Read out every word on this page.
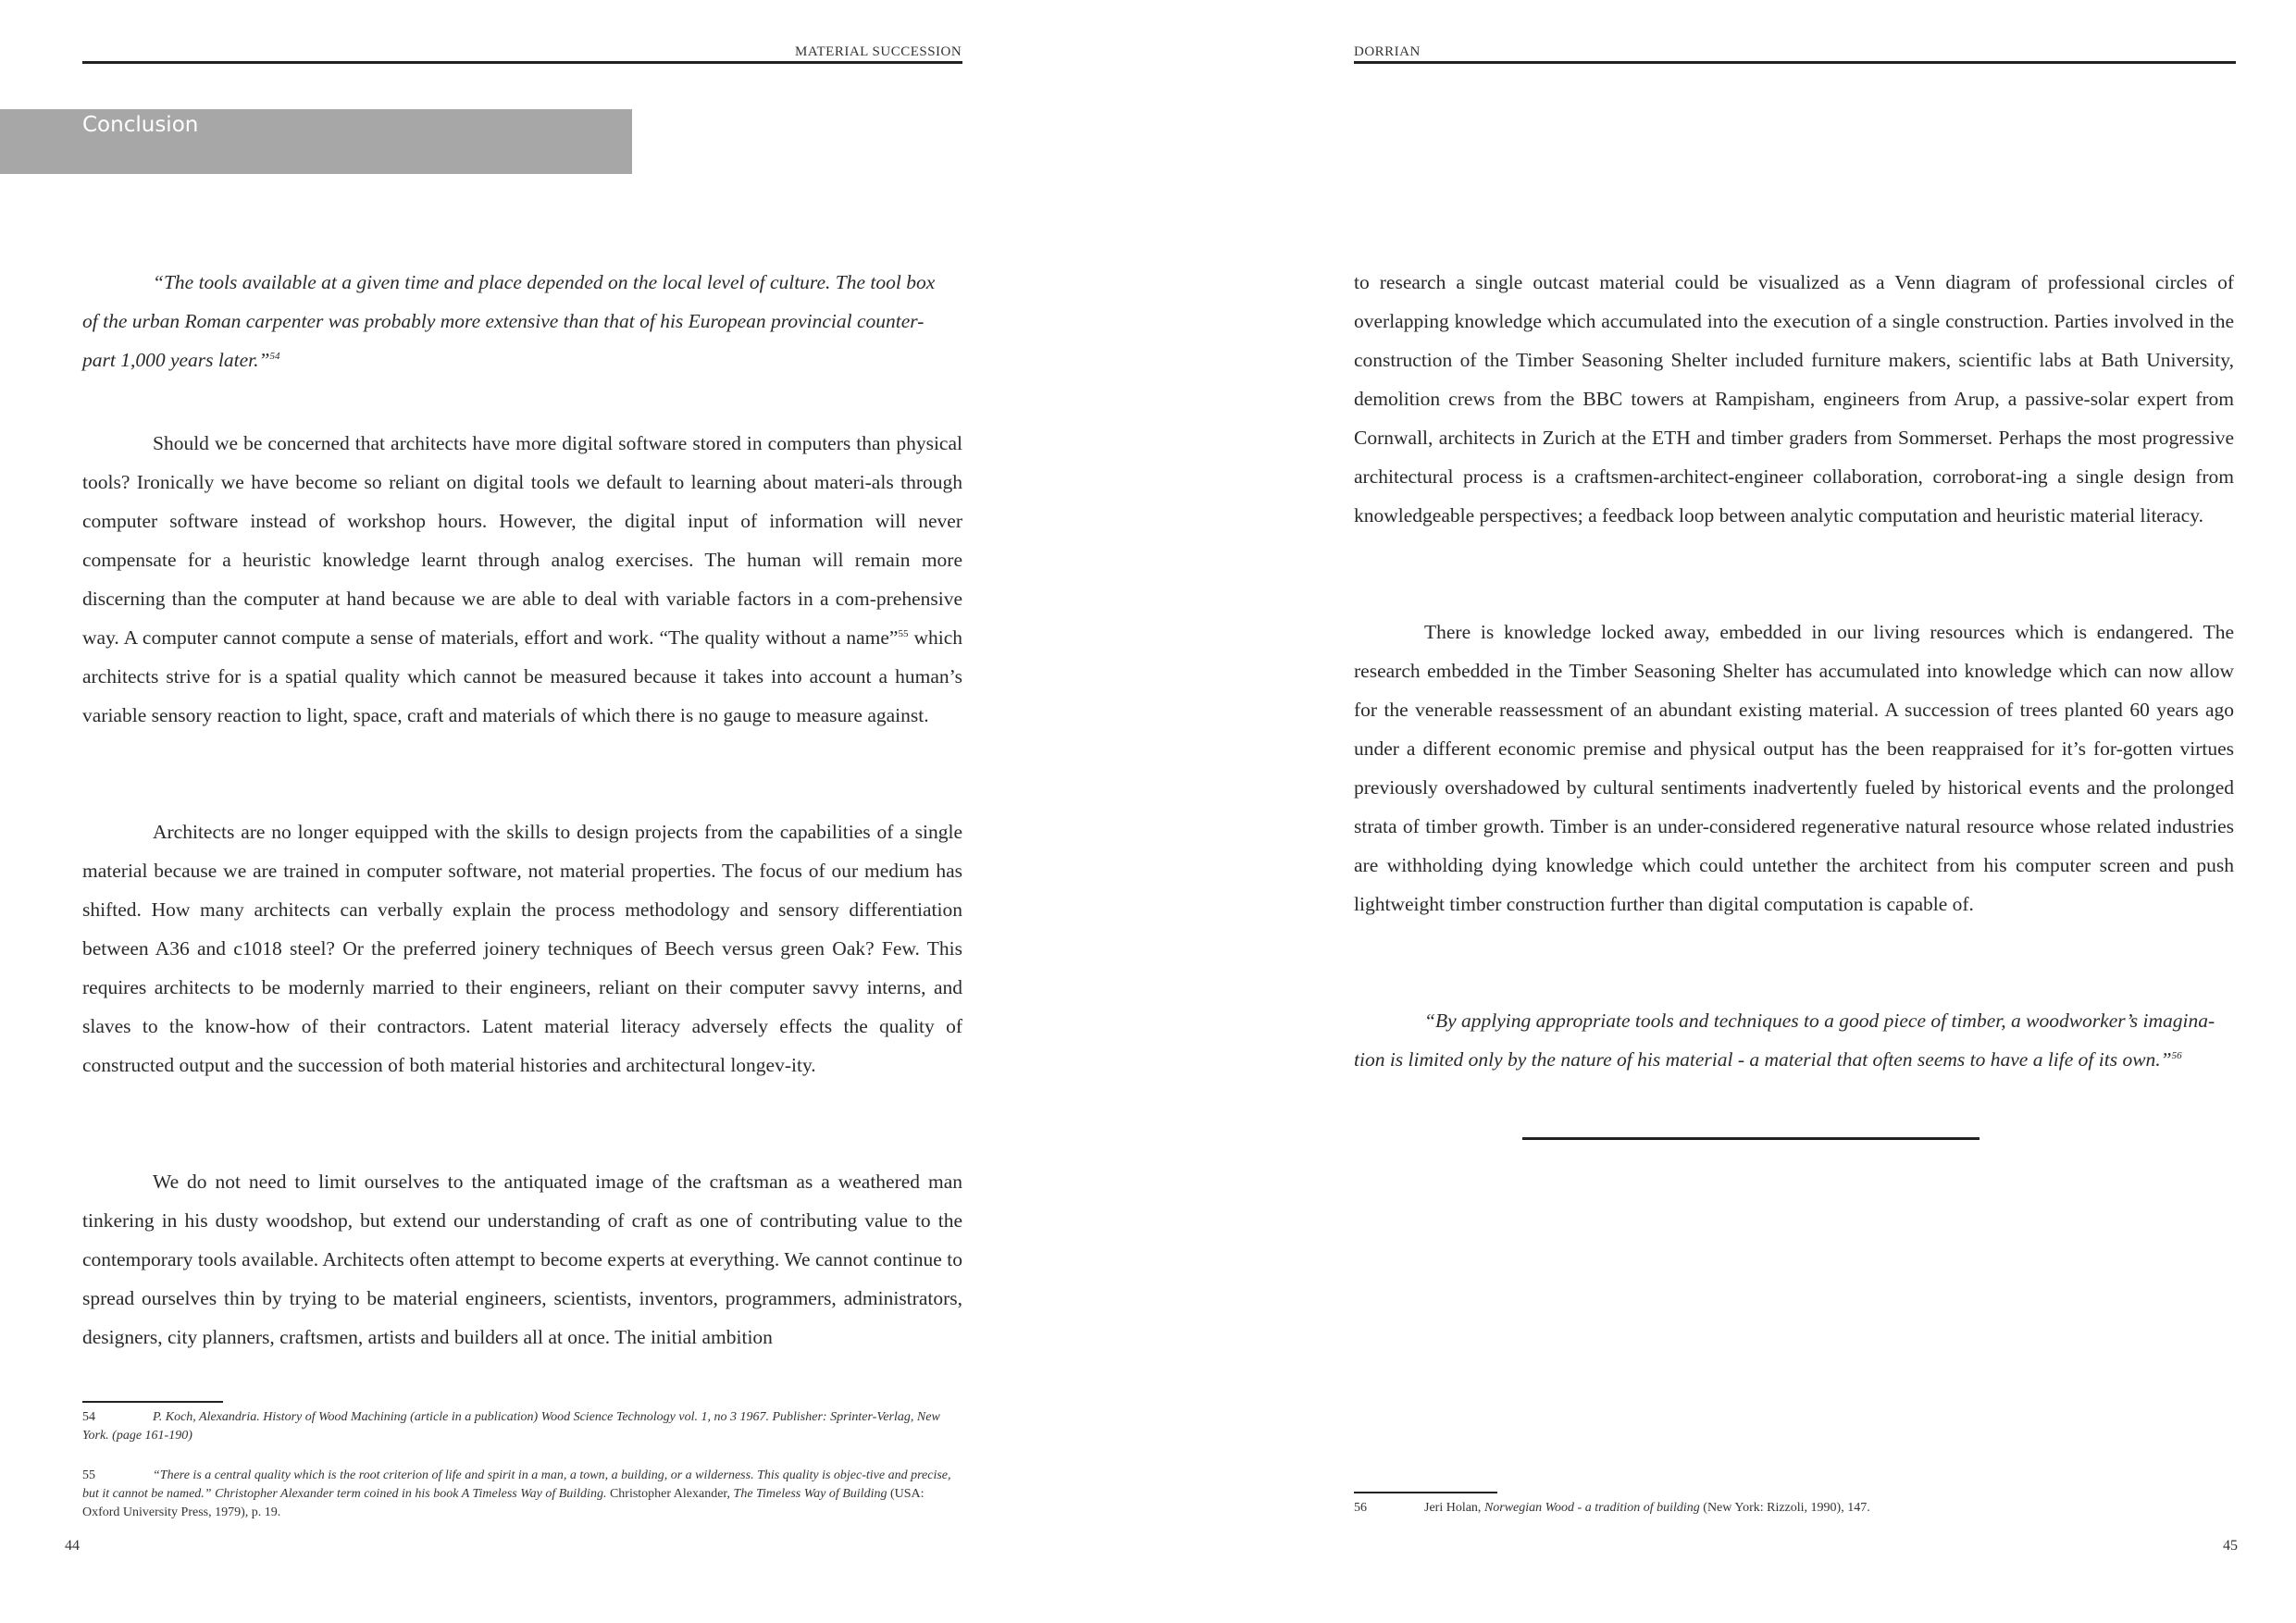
MATERIAL SUCCESSION
Conclusion
“The tools available at a given time and place depended on the local level of culture. The tool box
of the urban Roman carpenter was probably more extensive than that of his European provincial counter-
part 1,000 years later.”$^{54}$

Should we be concerned that architects have more digital software stored in computers than physical tools? Ironically we have become so reliant on digital tools we default to learning about materi-als through computer software instead of workshop hours. However, the digital input of information will never compensate for a heuristic knowledge learnt through analog exercises. The human will remain more discerning than the computer at hand because we are able to deal with variable factors in a com-prehensive way. A computer cannot compute a sense of materials, effort and work. “The quality without a name”$^{55}$ which architects strive for is a spatial quality which cannot be measured because it takes into account a human’s variable sensory reaction to light, space, craft and materials of which there is no gauge to measure against.

Architects are no longer equipped with the skills to design projects from the capabilities of a single material because we are trained in computer software, not material properties. The focus of our medium has shifted. How many architects can verbally explain the process methodology and sensory differentiation between A36 and c1018 steel? Or the preferred joinery techniques of Beech versus green Oak? Few. This requires architects to be modernly married to their engineers, reliant on their computer savvy interns, and slaves to the know-how of their contractors. Latent material literacy adversely effects the quality of constructed output and the succession of both material histories and architectural longev-ity.

We do not need to limit ourselves to the antiquated image of the craftsman as a weathered man tinkering in his dusty woodshop, but extend our understanding of craft as one of contributing value to the contemporary tools available. Architects often attempt to become experts at everything. We cannot continue to spread ourselves thin by trying to be material engineers, scientists, inventors, programmers, administrators, designers, city planners, craftsmen, artists and builders all at once. The initial ambition

54	P. Koch, Alexandria. History of Wood Machining (article in a publication) Wood Science Technology vol. 1, no 3 1967. Publisher: Sprinter-Verlag, New York. (page 161-190)

55	“There is a central quality which is the root criterion of life and spirit in a man, a town, a building, or a wilderness. This quality is objec-tive and precise, but it cannot be named.” Christopher Alexander term coined in his book A Timeless Way of Building. Christopher Alexander, The Timeless Way of Building (USA: Oxford University Press, 1979), p. 19.

44
DORRIAN

to research a single outcast material could be visualized as a Venn diagram of professional circles of overlapping knowledge which accumulated into the execution of a single construction. Parties involved in the construction of the Timber Seasoning Shelter included furniture makers, scientific labs at Bath University, demolition crews from the BBC towers at Rampisham, engineers from Arup, a passive-solar expert from Cornwall, architects in Zurich at the ETH and timber graders from Sommerset. Perhaps the most progressive architectural process is a craftsmen-architect-engineer collaboration, corroborat-ing a single design from knowledgeable perspectives; a feedback loop between analytic computation and heuristic material literacy.

There is knowledge locked away, embedded in our living resources which is endangered. The research embedded in the Timber Seasoning Shelter has accumulated into knowledge which can now allow for the venerable reassessment of an abundant existing material. A succession of trees planted 60 years ago under a different economic premise and physical output has the been reappraised for it’s for-gotten virtues previously overshadowed by cultural sentiments inadvertently fueled by historical events and the prolonged strata of timber growth. Timber is an under-considered regenerative natural resource whose related industries are withholding dying knowledge which could untether the architect from his computer screen and push lightweight timber construction further than digital computation is capable of.

“By applying appropriate tools and techniques to a good piece of timber, a woodworker’s imagina-
tion is limited only by the nature of his material - a material that often seems to have a life of its own.”$^{56}$

56	Jeri Holan, Norwegian Wood - a tradition of building (New York: Rizzoli, 1990), 147.

45
